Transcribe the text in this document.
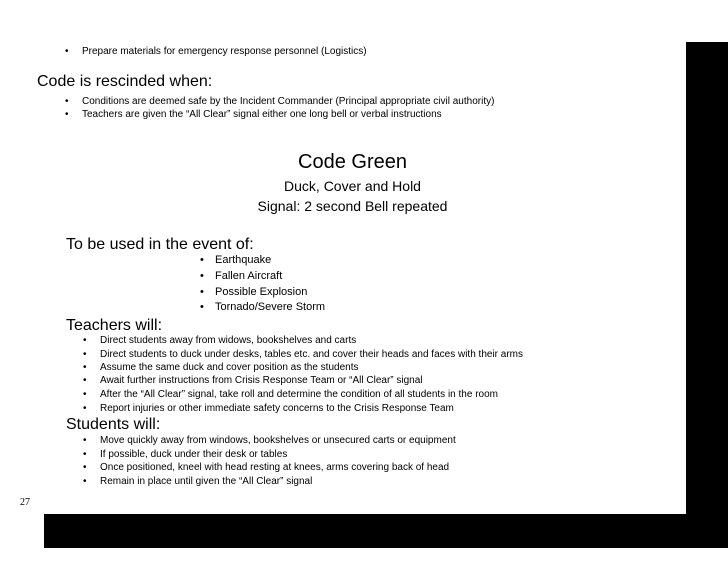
• Prepare materials for emergency response personnel (Logistics)
Code is rescinded when:
• Conditions are deemed safe by the Incident Commander (Principal appropriate civil authority)
• Teachers are given the “All Clear” signal either one long bell or verbal instructions
Code Green
Duck, Cover and Hold
Signal: 2 second Bell repeated
To be used in the event of:
• Earthquake
• Fallen Aircraft
• Possible Explosion
• Tornado/Severe Storm
Teachers will:
• Direct students away from widows, bookshelves and carts
• Direct students to duck under desks, tables etc. and cover their heads and faces with their arms
• Assume the same duck and cover position as the students
• Await further instructions from Crisis Response Team or “All Clear” signal
• After the “All Clear” signal, take roll and determine the condition of all students in the room
• Report injuries or other immediate safety concerns to the Crisis Response Team
Students will:
• Move quickly away from windows, bookshelves or unsecured carts or equipment
• If possible, duck under their desk or tables
• Once positioned, kneel with head resting at knees, arms covering back of head
• Remain in place until given the “All Clear” signal
27
